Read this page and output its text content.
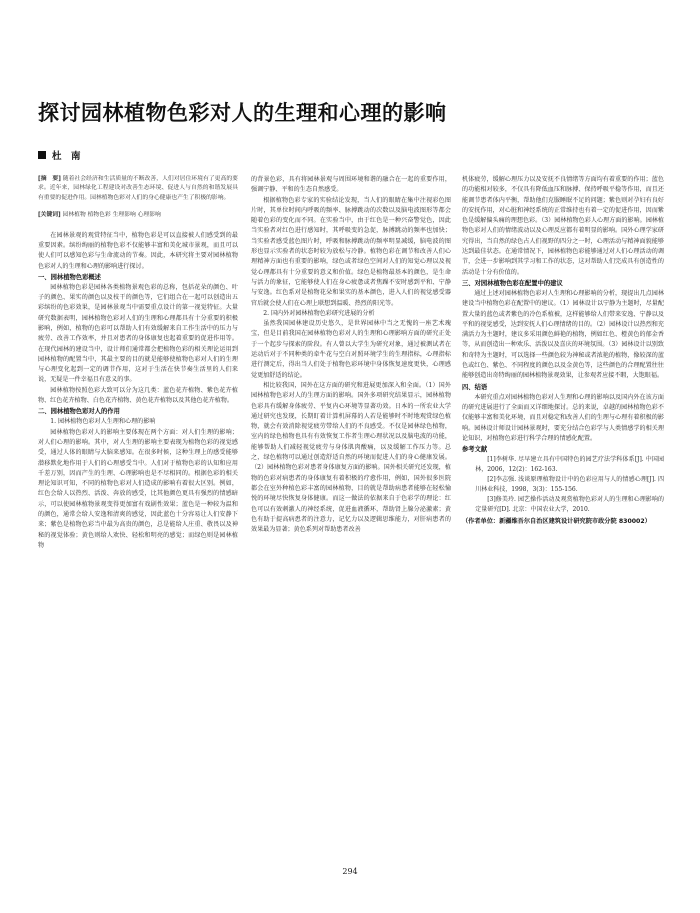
探讨园林植物色彩对人的生理和心理的影响
杜　南

[摘　要] 随着社会经济和生活质量的不断改善，人们对居住环境有了更高的要求。近年来，园林绿化工程建设对改善生态环境、促进人与自然的和谐发展具有重要的促进作用。园林植物色彩对人们的身心健康也产生了积极的影响。

[关键词] 园林植物 植物色彩 生理影响 心理影响

在园林景观的观赏特征当中，植物色彩是可以直接被人们感受到的最重要因素。缤纷绚丽的植物色彩不仅能够丰富和美化城市景观，而且可以使人们可以感知色彩与生命流动的节奏。因此，本研究将主要对园林植物色彩对人的生理和心理的影响进行探讨。

一、园林植物色彩概述

园林植物色彩是园林各类植物景观色彩的总称，包括花朵的颜色、叶子的颜色、果实的颜色以及枝干的颜色等，它们组合在一起可以创造出五彩缤纷的色彩效果，是园林景观当中需要重点设计的第一视觉特征。大量研究数据表明，园林植物色彩对人们的生理和心理都具有十分重要的积极影响，例如，植物的色彩可以帮助人们有效缓解来自工作生活中的压力与疲劳、改善工作效率，并且对患者的身体康复也起着重要的促进作用等。在现代园林的建设当中，设计师们通常都会把植物色彩的相关理论运用到园林植物的配置当中，其最主要的目的就是能够使植物色彩对人们的生理与心理变化起到一定的调节作用，这对于生活在快节奏生活里的人们来说，无疑是一件幸福且有意义的事。

园林植物按照色彩大致可以分为这几类：蓝色花卉植物、紫色花卉植物、红色花卉植物、白色花卉植物、黄色花卉植物以及其他色花卉植物。

二、园林植物色彩对人的作用

1. 园林植物色彩对人生理和心理的影响

园林植物色彩对人的影响主要体现在两个方面：对人们生理的影响；对人们心理的影响。其中，对人生理的影响主要表现为植物色彩的视觉感受，通过人体的眼睛与大脑来感知。在很多时候，这种生理上的感受能够潜移默化地作用于人们的心理感受当中。人们对于植物色彩的认知和应用千差万别，因而产生的生理、心理影响也是不尽相同的。根据色彩的相关理论知识可知，不同的植物色彩对人们造成的影响有着很大区别。例如，红色会给人以热烈、活泼、奔放的感受，比其他颜色更具有强烈的情感暗示，可以使园林植物景观变得更加富有戏剧性效果；蓝色是一种较为温和的颜色，通常会给人安逸和清爽的感觉，因此蓝色十分容易让人们安静下来；紫色是植物色彩当中最为高贵的颜色，总是能给人庄重、敬畏以及神秘的视觉体验；黄色则给人欢快、轻松和明亮的感觉；而绿色则是园林植物

的背景色彩，具有将园林景观与周围环境和谐的融合在一起的重要作用，强调宁静、平和的生态自然感受。

根据植物色彩专家的实验结论发现，当人们的眼睛在集中注视彩色图片时，其单位时间内呼吸的频率、脉搏跳动的次数以及脑电波图形等都会随着色彩的变化而不同。在实验当中，由于红色是一种兴奋警觉色，因此当实验者对红色进行感知时，其呼吸变的急促，脉搏跳动的频率也加快；当实验者感受蓝色图片时，呼吸和脉搏跳动的频率明显减缓，脑电波的图形也显示实验者的状态时较为放松与冷静。植物色彩在调节和改善人们心理精神方面也有重要的影响，绿色或者绿色空间对人们的知觉心理以及视觉心理都具有十分重要的意义和价值。绿色是植物最基本的颜色，是生命与活力的象征，它能够使人们在身心疲惫或者焦躁不安时感到平和、宁静与安逸。红色系对是植物花朵和果实的基本颜色，进入人们的视觉感受器官后就会使人们在心理上联想到温暖、热烈的阳光等。

2. 国内外对园林植物色彩研究进展的分析

虽然我国园林建设历史悠久，是世界园林中当之无愧的一座艺术瑰宝，但是目前我国在园林植物色彩对人的生理和心理影响方面的研究正处于一个起步与探索的阶段。有人曾以大学生为研究对象，通过被测试者在运动后对于不同种类的牵牛花与空白对照环境学生的生理指标，心理指标进行测定后，得出当人们处于植物色彩环境中身体恢复速度更快，心理感觉更加舒适的结论。

相比较我国，国外在这方面的研究和进展更加深入和全面。（1）国外园林植物色彩对人的生理方面的影响。国外多项研究结果显示，园林植物色彩具有缓解身体疲劳、平复内心环境等显著功效。日本的一所农业大学通过研究也发现，长期盯着计算机屏幕的人若是能够时不时地观赏绿色植物，就会有效消除视觉疲劳带给人们的不良感受。不仅是园林绿色植物，室内的绿色植物也具有有效恢复工作者生理心理状况以及脑电波的功能，能够帮助人们减轻视觉疲劳与身体肌肉酸痛，以及缓解工作压力等。总之，绿色植物可以通过创造舒适自然的环境而促进人们的身心健康发展。（2）园林植物色彩对患者身体康复方面的影响。国外相关研究还发现，植物的色彩对病患者的身体康复有着积极的疗愈作用，例如，国外很多医院都会在室外种植色彩丰富的园林植物，目的就是帮助病患者能够在轻松愉悦的环境尽快恢复身体健康。而这一做法的依据来自于色彩学的理论：红色可以有效刺激人的神经系统，促进血液循环，帮助肾上腺分泌激素；黄色有助于提高病患者的注意力，记忆力以及逻辑思维能力，对肝病患者的效果最为显著；黄色系列对帮助患者改善

机体疲劳，缓解心理压力以及安抚不良情绪等方面均有着重要的作用；蓝色的功能相对较多，不仅具有降低血压和脉搏、保持呼吸平稳等作用，而且还能调节患者体内平衡，帮助他们克服睡眠不足的问题；紫色则对孕妇有良好的安抚作用，对心脏和神经系统的正常维持也有着一定的促进作用，因而紫色是缓解偏头痛的理想色彩。（3）园林植物色彩人心理方面的影响。园林植物色彩对人们的情绪波动以及心理反应都有着明显的影响。国外心理学家研究得出，当自然的绿色占人们视野的四分之一时，心理活动与精神面貌能够达到最佳状态。在通常情况下，园林植物色彩能够通过对人们心理活动的调节，会进一步影响到其学习和工作的状态，这对帮助人们完成具有创造性的活动是十分有价值的。

三、对园林植物色彩在配置中的建议

通过上述对园林植物色彩对人生理和心理影响的分析，现提出几点园林建设当中植物色彩在配置中的建议。（1）园林设计以宁静为主题时，尽量配置大量的蓝色或者紫色的冷色系植被，这样能够给人们带来安逸、宁静以及平和的视觉感受，达到安抚人们心理情绪的目的。（2）园林设计以热烈和充满活力为主题时，建议多采用颜色鲜艳的植物，例如红色、橙黄色的郁金香等，从而创造出一种欢乐、活泼以及喜庆的环境氛围。（3）园林设计以别致和奇特为主题时，可以选择一些颜色较为神秘或者浓艳的植物，像较深的蓝色或红色、紫色、不同程度的颜色以及金黄色等，这些颜色的合理配置往往能够创造出奇特绚丽的园林植物景观效果，让参观者应接不暇，大饱眼福。

四、结语

本研究重点对园林植物色彩对人生理和心理的影响以及国内外在该方面的研究进展进行了全面而又详细地探讨。总的来说，卓越的园林植物色彩不仅能够丰富和美化环境，而且对稳定和改善人们的生理与心理有着积极的影响。园林设计师设计园林景观时，要充分结合色彩学与人类情感学的相关理论知识，对植物色彩进行科学合理的情感化配置。

参考文献

[1]李树华. 尽早建立具有中国特色的园艺疗法学科体系[J]. 中国园林，2006，12(2)：162-163.

[2]李志强. 浅谈原理植物设计中的色彩应用与人的情感心理[J]. 四川林业科技，1998，3(3)：155-156.

[3]修美玲. 园艺操作活动及观赏植物色彩对人的生理和心理影响的定量研究[D]. 北京：中国农业大学，2010.

（作者单位：新疆维吾尔自治区建筑设计研究院市政分院 830002）

294
